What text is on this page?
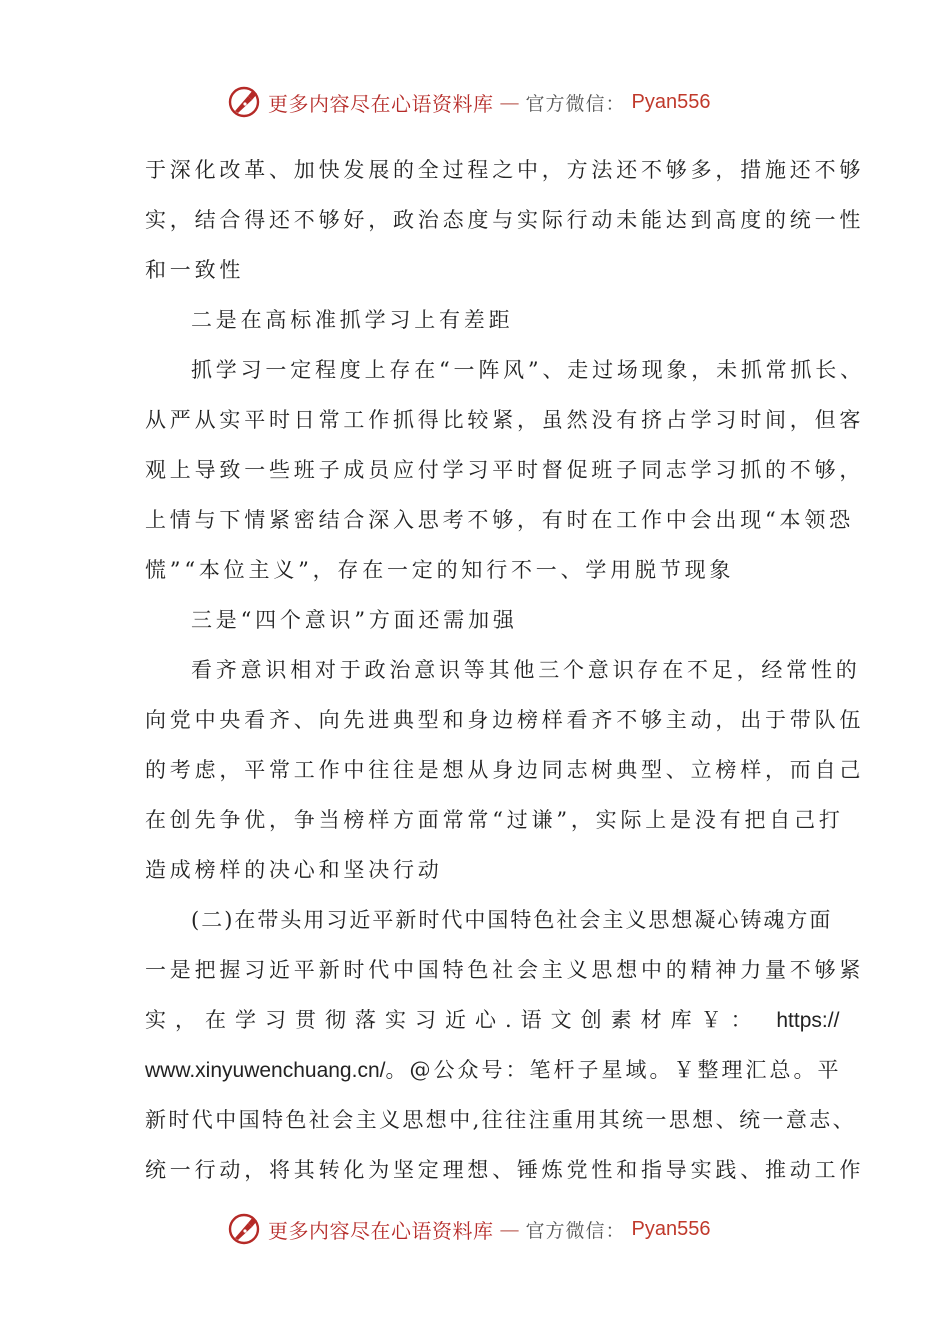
更多内容尽在心语资料库 — 官方微信： Pyan556
于深化改革、加快发展的全过程之中，方法还不够多，措施还不够
实，结合得还不够好，政治态度与实际行动未能达到高度的统一性
和一致性
二是在高标准抓学习上有差距
抓学习一定程度上存在“一阵风”、走过场现象，未抓常抓长、
从严从实平时日常工作抓得比较紧，虽然没有挤占学习时间，但客
观上导致一些班子成员应付学习平时督促班子同志学习抓的不够，
上情与下情紧密结合深入思考不够，有时在工作中会出现“本领恐
慌”“本位主义”，存在一定的知行不一、学用脱节现象
三是“四个意识”方面还需加强
看齐意识相对于政治意识等其他三个意识存在不足，经常性的
向党中央看齐、向先进典型和身边榜样看齐不够主动，出于带队伍
的考虑，平常工作中往往是想从身边同志树典型、立榜样，而自己
在创先争优，争当榜样方面常常“过谦”，实际上是没有把自己打
造成榜样的决心和坚决行动
(二)在带头用习近平新时代中国特色社会主义思想凝心铸魂方面
一是把握习近平新时代中国特色社会主义思想中的精神力量不够紧
实，在学习贯彻落实习近心.语文创素材库￥： https://
www.xinyuwenchuang.cn/。@公众号：笔杆子星域。￥整理汇总。平
新时代中国特色社会主义思想中,往往注重用其统一思想、统一意志、
统一行动，将其转化为坚定理想、锤炼党性和指导实践、推动工作
更多内容尽在心语资料库 — 官方微信： Pyan556
